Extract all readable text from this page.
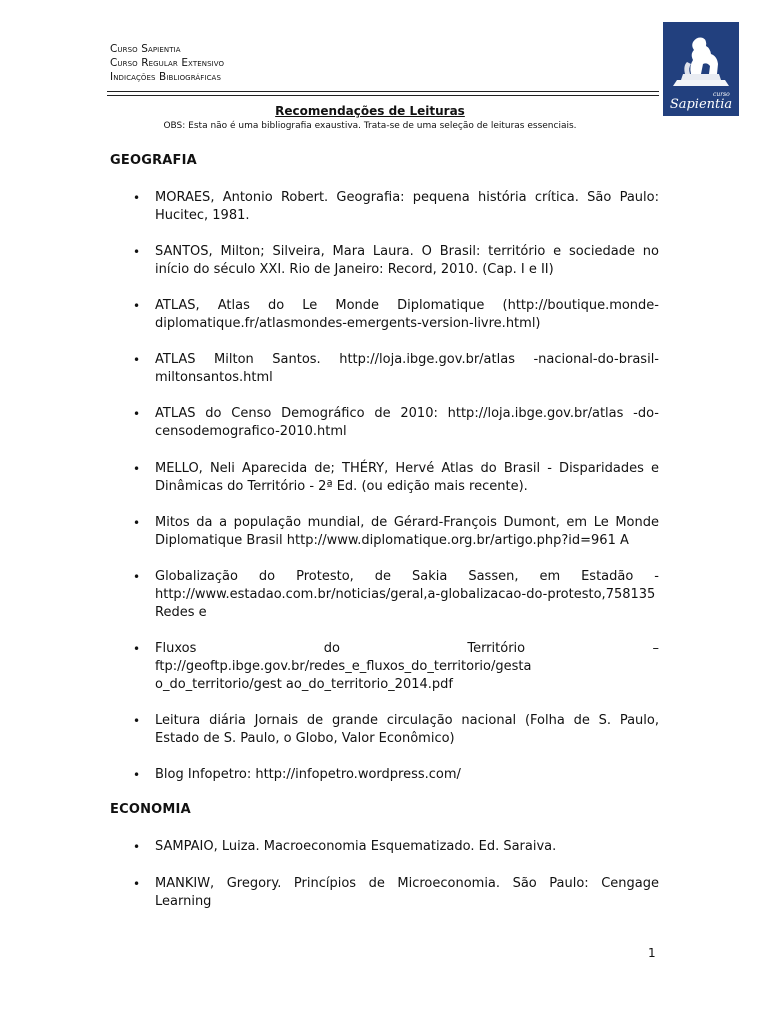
Curso Sapientia
Curso Regular Extensivo
Indicações Bibliográficas
curso
Sapientia
Recomendações de Leituras
OBS: Esta não é uma bibliografia exaustiva. Trata-se de uma seleção de leituras essenciais.
GEOGRAFIA
• MORAES, Antonio Robert. Geografia: pequena história crítica. São Paulo: Hucitec, 1981.
• SANTOS, Milton; Silveira, Mara Laura. O Brasil: território e sociedade no início do século XXI. Rio de Janeiro: Record, 2010. (Cap. I e II)
• ATLAS, Atlas do Le Monde Diplomatique (http://boutique.monde-diplomatique.fr/atlasmondes-emergents-version-livre.html)
• ATLAS Milton Santos. http://loja.ibge.gov.br/atlas -nacional-do-brasil-miltonsantos.html
• ATLAS do Censo Demográfico de 2010: http://loja.ibge.gov.br/atlas -do-censodemografico-2010.html
• MELLO, Neli Aparecida de; THÉRY, Hervé Atlas do Brasil - Disparidades e Dinâmicas do Território - 2ª Ed. (ou edição mais recente).
• Mitos da a população mundial, de Gérard-François Dumont, em Le Monde Diplomatique Brasil http://www.diplomatique.org.br/artigo.php?id=961 A
• Globalização do Protesto, de Sakia Sassen, em Estadão - http://www.estadao.com.br/noticias/geral,a-globalizacao-do-protesto,758135 Redes e
• Fluxos do Território – ftp://geoftp.ibge.gov.br/redes_e_fluxos_do_territorio/gesta o_do_territorio/gest ao_do_territorio_2014.pdf
• Leitura diária Jornais de grande circulação nacional (Folha de S. Paulo, Estado de S. Paulo, o Globo, Valor Econômico)
• Blog Infopetro: http://infopetro.wordpress.com/
ECONOMIA
• SAMPAIO, Luiza. Macroeconomia Esquematizado. Ed. Saraiva.
• MANKIW, Gregory. Princípios de Microeconomia. São Paulo: Cengage Learning
1
